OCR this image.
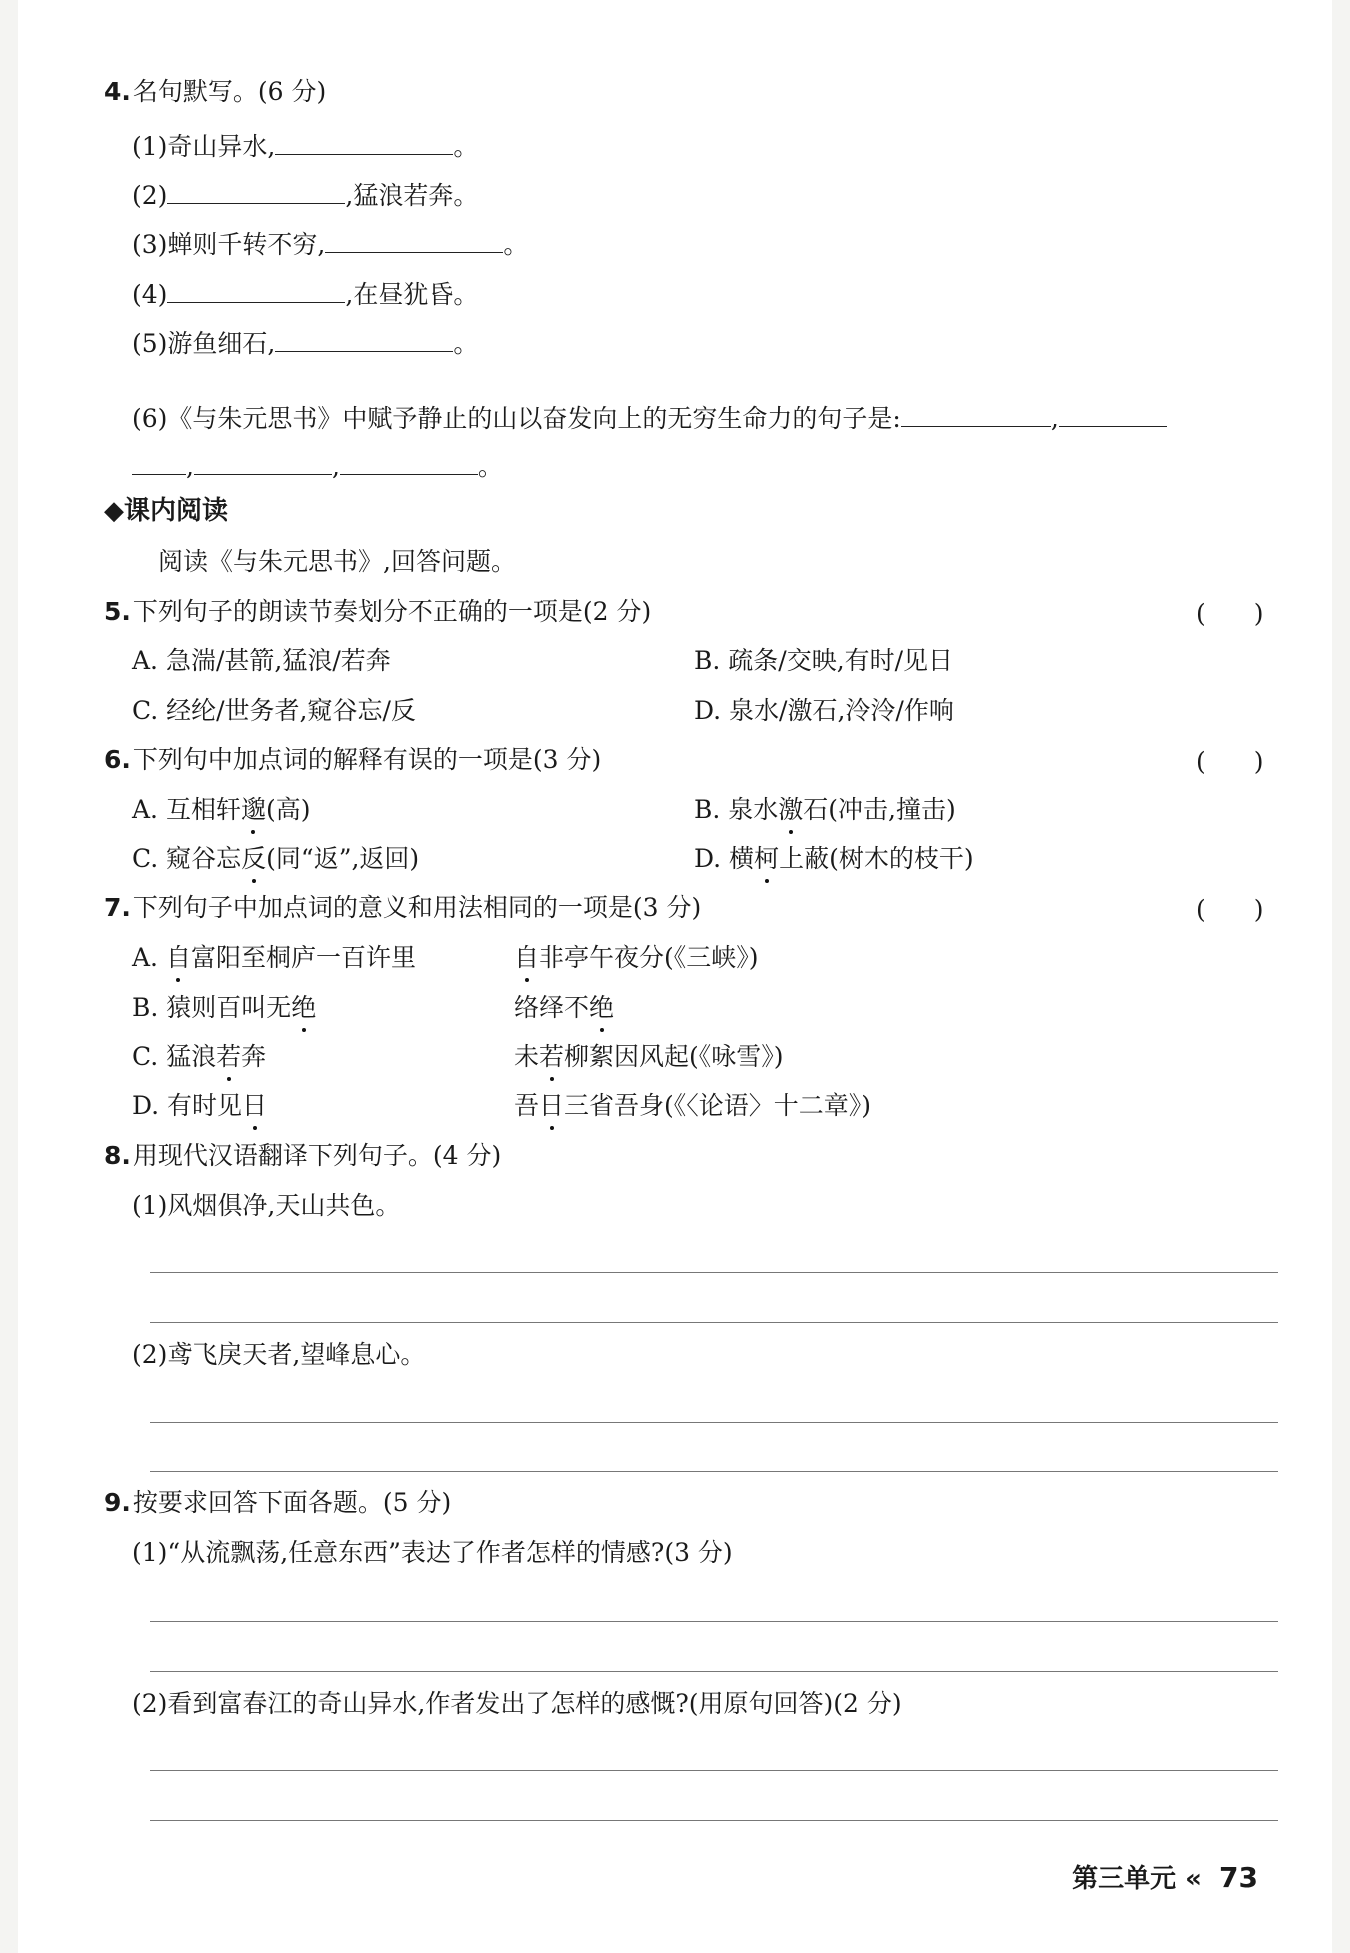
4.名句默写。(6 分)
(1)奇山异水,	。
(2)	,猛浪若奔。
(3)蝉则千转不穷,	。
(4)	,在昼犹昏。
(5)游鱼细石,	。
(6)《与朱元思书》中赋予静止的山以奋发向上的无穷生命力的句子是:	,
,	,	。
◆课内阅读
阅读《与朱元思书》,回答问题。
5.下列句子的朗读节奏划分不正确的一项是(2 分)	( )
A. 急湍/甚箭,猛浪/若奔	B. 疏条/交映,有时/见日
C. 经纶/世务者,窥谷忘/反	D. 泉水/激石,泠泠/作响
6.下列句中加点词的解释有误的一项是(3 分)	( )
A. 互相轩邈(高)	B. 泉水激石(冲击,撞击)
C. 窥谷忘反(同“返”,返回)	D. 横柯上蔽(树木的枝干)
7.下列句子中加点词的意义和用法相同的一项是(3 分)	( )
A. 自富阳至桐庐一百许里	自非亭午夜分(《三峡》)
B. 猿则百叫无绝	络绎不绝
C. 猛浪若奔	未若柳絮因风起(《咏雪》)
D. 有时见日	吾日三省吾身(《〈论语〉十二章》)
8.用现代汉语翻译下列句子。(4 分)
(1)风烟俱净,天山共色。
(2)鸢飞戾天者,望峰息心。
9.按要求回答下面各题。(5 分)
(1)“从流飘荡,任意东西”表达了作者怎样的情感?(3 分)
(2)看到富春江的奇山异水,作者发出了怎样的感慨?(用原句回答)(2 分)
第三单元 « 73
